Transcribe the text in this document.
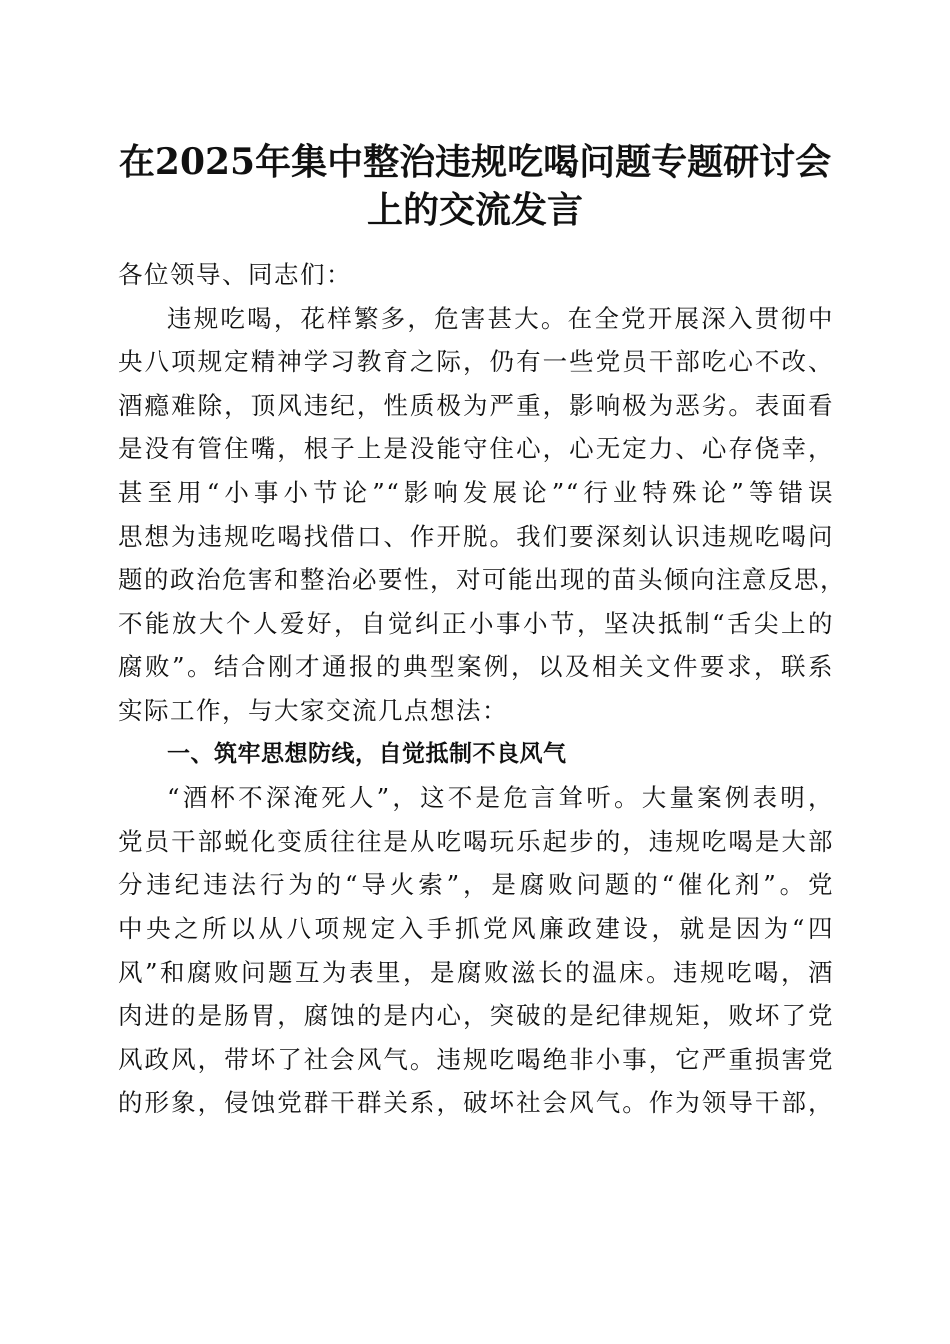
在2025年集中整治违规吃喝问题专题研讨会
上的交流发言
各位领导、同志们：
违规吃喝，花样繁多，危害甚大。在全党开展深入贯彻中
央八项规定精神学习教育之际，仍有一些党员干部吃心不改、
酒瘾难除，顶风违纪，性质极为严重，影响极为恶劣。表面看
是没有管住嘴，根子上是没能守住心，心无定力、心存侥幸，
甚至用“小事小节论”“影响发展论”“行业特殊论”等错误
思想为违规吃喝找借口、作开脱。我们要深刻认识违规吃喝问
题的政治危害和整治必要性，对可能出现的苗头倾向注意反思，
不能放大个人爱好，自觉纠正小事小节，坚决抵制“舌尖上的
腐败”。结合刚才通报的典型案例，以及相关文件要求，联系
实际工作，与大家交流几点想法：
一、筑牢思想防线，自觉抵制不良风气
“酒杯不深淹死人”，这不是危言耸听。大量案例表明，
党员干部蜕化变质往往是从吃喝玩乐起步的，违规吃喝是大部
分违纪违法行为的“导火索”，是腐败问题的“催化剂”。党
中央之所以从八项规定入手抓党风廉政建设，就是因为“四
风”和腐败问题互为表里，是腐败滋长的温床。违规吃喝，酒
肉进的是肠胃，腐蚀的是内心，突破的是纪律规矩，败坏了党
风政风，带坏了社会风气。违规吃喝绝非小事，它严重损害党
的形象，侵蚀党群干群关系，破坏社会风气。作为领导干部，
